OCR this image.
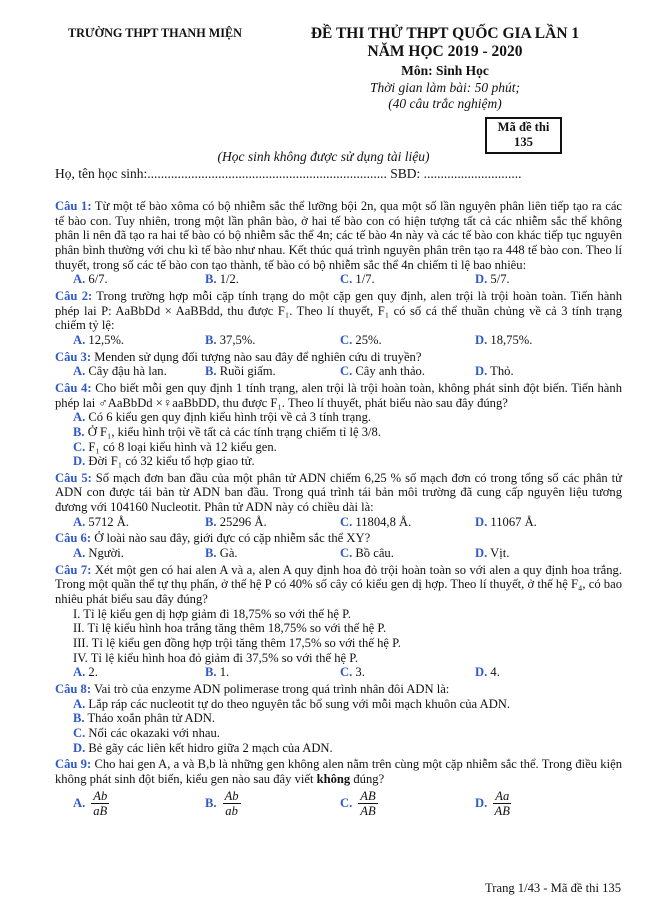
TRƯỜNG THPT THANH MIỆN	ĐỀ THI THỬ THPT QUỐC GIA LẦN 1
NĂM HỌC 2019 - 2020
Môn: Sinh Học
Thời gian làm bài: 50 phút;
(40 câu trắc nghiệm)
Mã đề thi
135
(Học sinh không được sử dụng tài liệu)
Họ, tên học sinh:....................................................................... SBD: .............................
Câu 1: Từ một tế bào xôma có bộ nhiễm sắc thể lưỡng bội 2n, qua một số lần nguyên phân liên tiếp tạo ra các tế bào con. Tuy nhiên, trong một lần phân bào, ở hai tế bào con có hiện tượng tất cả các nhiễm sắc thể không phân li nên đã tạo ra hai tế bào có bộ nhiễm sắc thể 4n; các tế bào 4n này và các tế bào con khác tiếp tục nguyên phân bình thường với chu kì tế bào như nhau. Kết thúc quá trình nguyên phân trên tạo ra 448 tế bào con. Theo lí thuyết, trong số các tế bào con tạo thành, tế bào có bộ nhiễm sắc thể 4n chiếm tỉ lệ bao nhiêu:
A. 6/7.	B. 1/2.	C. 1/7.	D. 5/7.
Câu 2: Trong trường hợp mỗi cặp tính trạng do một cặp gen quy định, alen trội là trội hoàn toàn. Tiến hành phép lai P: AaBbDd × AaBBdd, thu được F₁. Theo lí thuyết, F₁ có số cá thể thuần chủng về cả 3 tính trạng chiếm tỷ lệ:
A. 12,5%.	B. 37,5%.	C. 25%.	D. 18,75%.
Câu 3: Menden sử dụng đối tượng nào sau đây để nghiên cứu di truyền?
A. Cây đậu hà lan.	B. Ruồi giấm.	C. Cây anh thảo.	D. Thỏ.
Câu 4: Cho biết mỗi gen quy định 1 tính trạng, alen trội là trội hoàn toàn, không phát sinh đột biến. Tiến hành phép lai ♂AaBbDd ×♀aaBbDD, thu được F₁. Theo lí thuyết, phát biểu nào sau đây đúng?
A. Có 6 kiểu gen quy định kiểu hình trội về cả 3 tính trạng.
B. Ở F₁, kiểu hình trội về tất cả các tính trạng chiếm tỉ lệ 3/8.
C. F₁ có 8 loại kiểu hình và 12 kiểu gen.
D. Đời F₁ có 32 kiểu tổ hợp giao tử.
Câu 5: Số mạch đơn ban đầu của một phân tử ADN chiếm 6,25 % số mạch đơn có trong tổng số các phân tử ADN con được tái bản từ ADN ban đầu. Trong quá trình tái bản môi trường đã cung cấp nguyên liệu tương đương với 104160 Nucleotit. Phân tử ADN này có chiều dài là:
A. 5712 Å.	B. 25296 Å.	C. 11804,8 Å.	D. 11067 Å.
Câu 6: Ở loài nào sau đây, giới đực có cặp nhiễm sắc thể XY?
A. Người.	B. Gà.	C. Bồ câu.	D. Vịt.
Câu 7: Xét một gen có hai alen A và a, alen A quy định hoa đỏ trội hoàn toàn so với alen a quy định hoa trắng. Trong một quần thể tự thụ phấn, ở thế hệ P có 40% số cây có kiểu gen dị hợp. Theo lí thuyết, ở thế hệ F₄, có bao nhiêu phát biểu sau đây đúng?
I. Tỉ lệ kiểu gen dị hợp giảm đi 18,75% so với thế hệ P.
II. Tỉ lệ kiểu hình hoa trắng tăng thêm 18,75% so với thế hệ P.
III. Tỉ lệ kiểu gen đồng hợp trội tăng thêm 17,5% so với thế hệ P.
IV. Tỉ lệ kiểu hình hoa đỏ giảm đi 37,5% so với thế hệ P.
A. 2.	B. 1.	C. 3.	D. 4.
Câu 8: Vai trò của enzyme ADN polimerase trong quá trình nhân đôi ADN là:
A. Lắp ráp các nucleotit tự do theo nguyên tắc bổ sung với mỗi mạch khuôn của ADN.
B. Tháo xoắn phân tử ADN.
C. Nối các okazaki với nhau.
D. Bẻ gãy các liên kết hidro giữa 2 mạch của ADN.
Câu 9: Cho hai gen A, a và B,b là những gen không alen nằm trên cùng một cặp nhiễm sắc thể. Trong điều kiện không phát sinh đột biến, kiểu gen nào sau đây viết không đúng?
A. $\frac{Ab}{aB}$	B. $\frac{Ab}{ab}$	C. $\frac{AB}{AB}$	D. $\frac{Aa}{AB}$
Trang 1/43 - Mã đề thi 135
